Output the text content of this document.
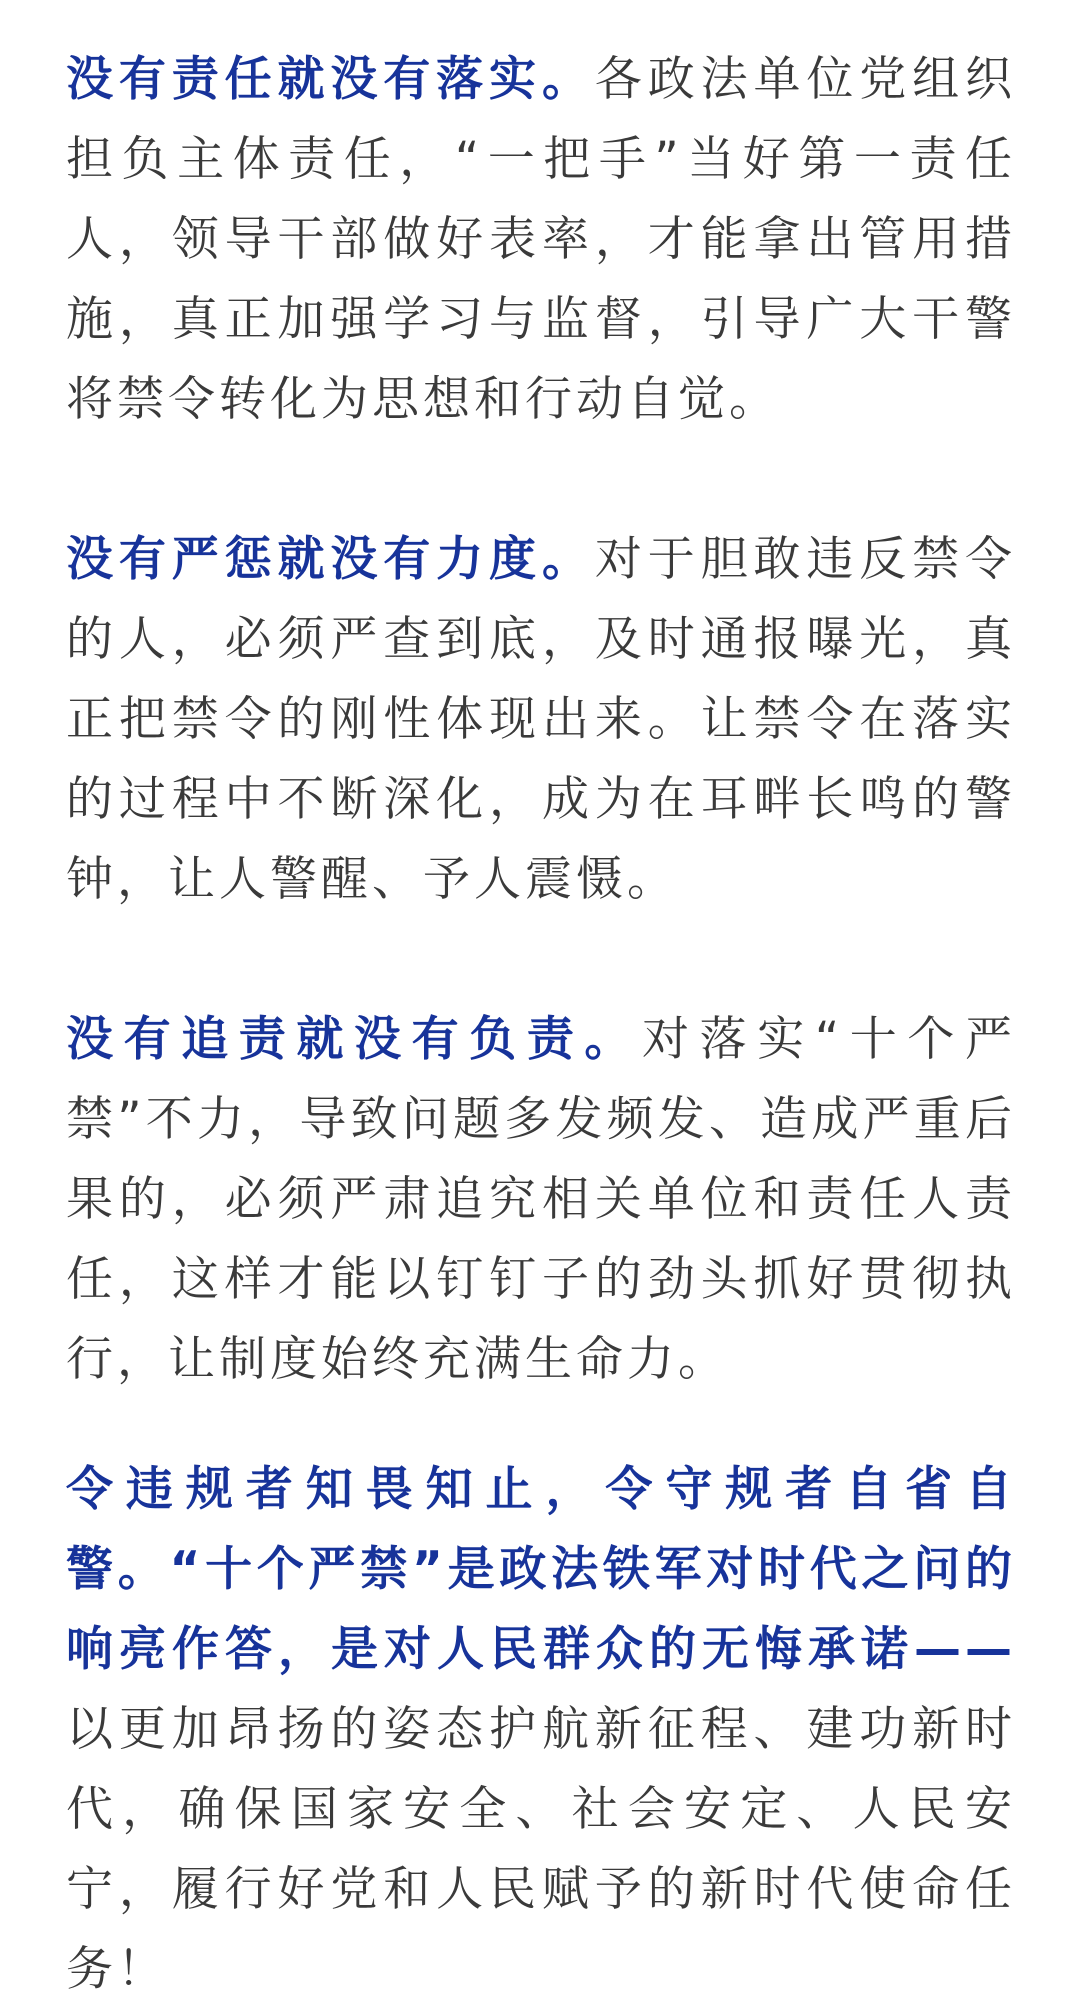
没有责任就没有落实。各政法单位党组织担负主体责任，“一把手”当好第一责任人，领导干部做好表率，才能拿出管用措施，真正加强学习与监督，引导广大干警将禁令转化为思想和行动自觉。

没有严惩就没有力度。对于胆敢违反禁令的人，必须严查到底，及时通报曝光，真正把禁令的刚性体现出来。让禁令在落实的过程中不断深化，成为在耳畔长鸣的警钟，让人警醒、予人震慑。

没有追责就没有负责。对落实“十个严禁”不力，导致问题多发频发、造成严重后果的，必须严肃追究相关单位和责任人责任，这样才能以钉钉子的劲头抓好贯彻执行，让制度始终充满生命力。

令违规者知畏知止，令守规者自省自警。“十个严禁”是政法铁军对时代之问的响亮作答，是对人民群众的无悔承诺——以更加昂扬的姿态护航新征程、建功新时代，确保国家安全、社会安定、人民安宁，履行好党和人民赋予的新时代使命任务！
